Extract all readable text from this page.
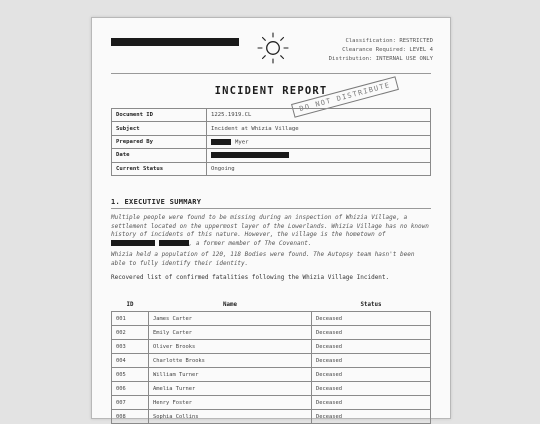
Classification: RESTRICTED
Clearance Required: LEVEL 4
Distribution: INTERNAL USE ONLY
INCIDENT REPORT
DO NOT DISTRIBUTE
Document ID	1225.1919.CL
Subject	Incident at Whizia Village
Prepared By	Myer
Date	
Current Status	Ongoing
1. EXECUTIVE SUMMARY
Multiple people were found to be missing during an inspection of Whizia Village, a settlement located on the uppermost layer of the Lowerlands. Whizia Village has no known history of incidents of this nature. However, the village is the hometown of  , a former member of The Covenant.
Whizia held a population of 120, 118 Bodies were found. The Autopsy team hasn't been able to fully identify their identity.
Recovered list of confirmed fatalities following the Whizia Village Incident.
ID	Name	Status
001	James Carter	Deceased
002	Emily Carter	Deceased
003	Oliver Brooks	Deceased
004	Charlotte Brooks	Deceased
005	William Turner	Deceased
006	Amelia Turner	Deceased
007	Henry Foster	Deceased
008	Sophia Collins	Deceased
